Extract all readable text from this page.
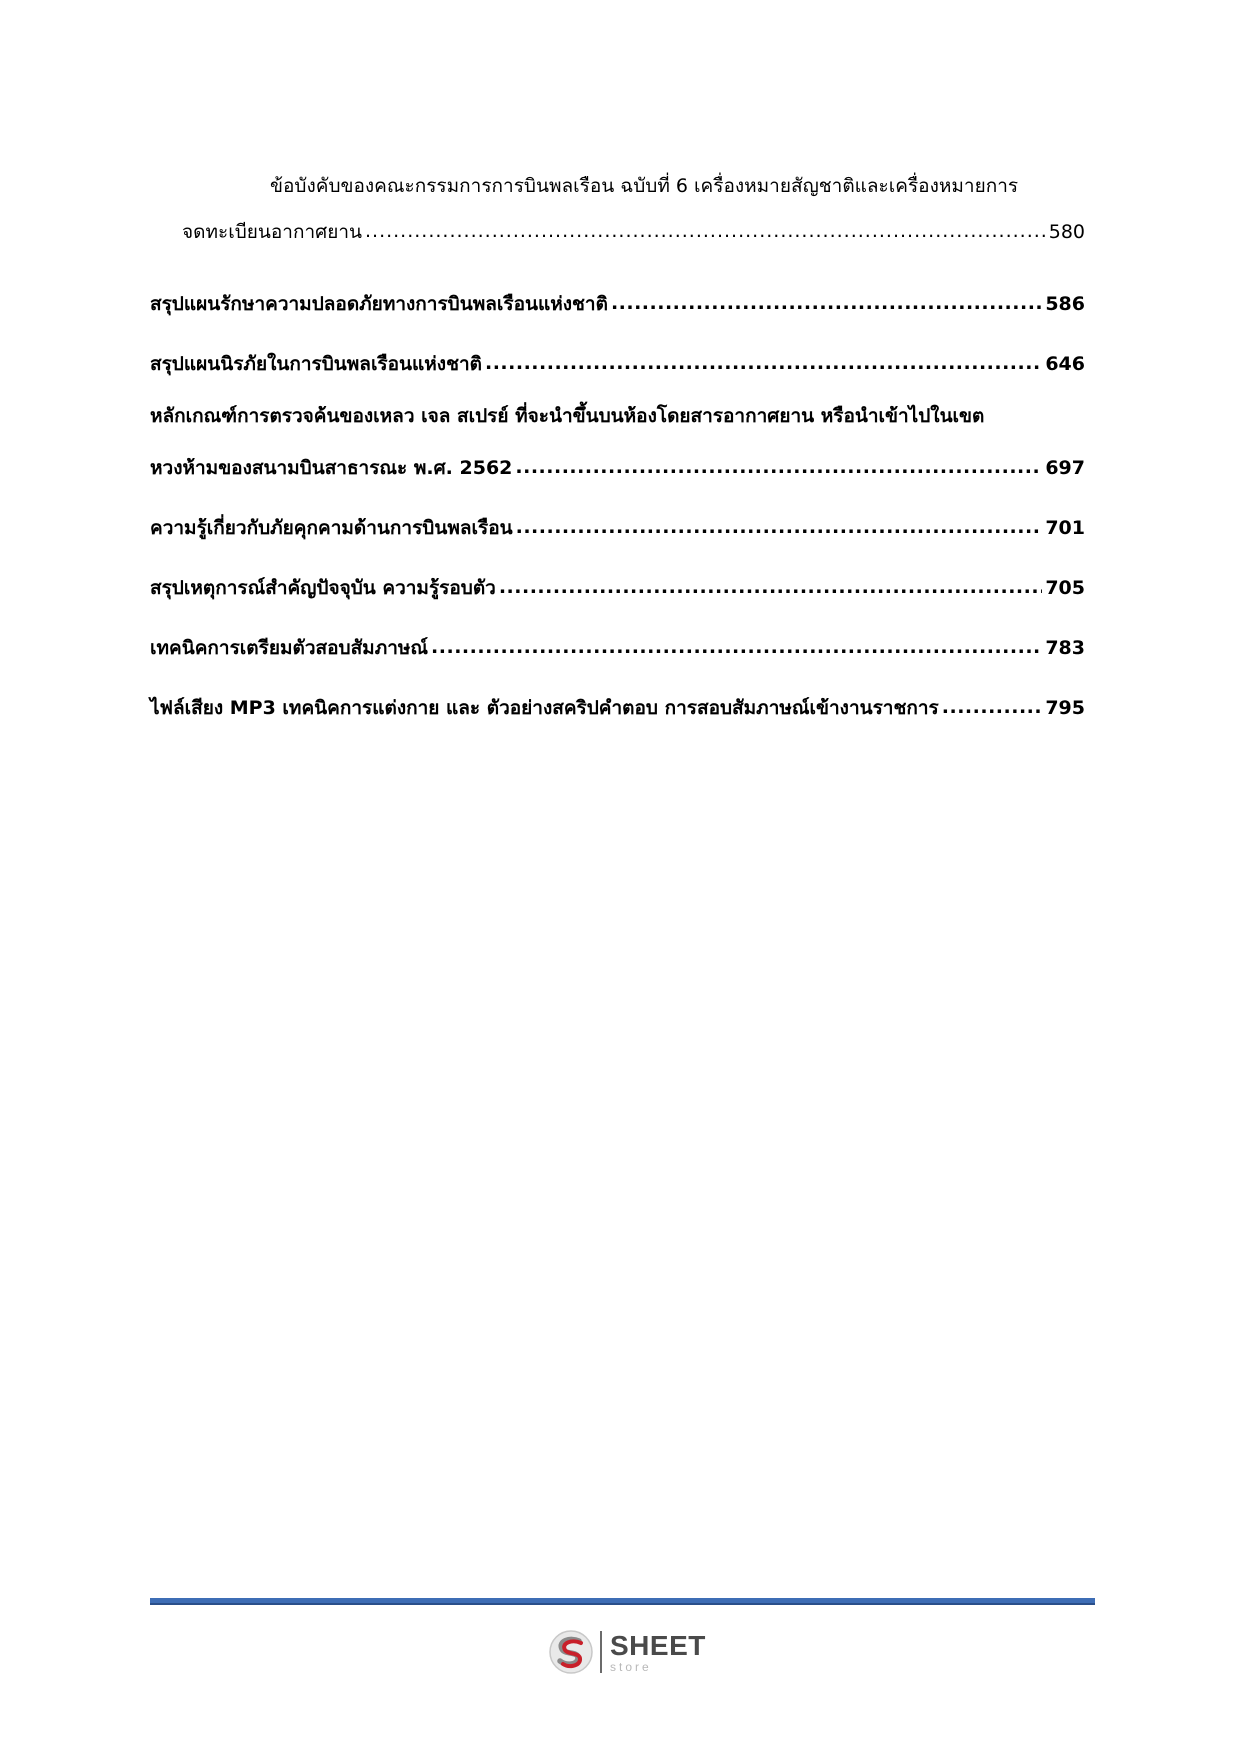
ข้อบังคับของคณะกรรมการการบินพลเรือน ฉบับที่ 6 เครื่องหมายสัญชาติและเครื่องหมายการ
จดทะเบียนอากาศยาน .....	580
สรุปแผนรักษาความปลอดภัยทางการบินพลเรือนแห่งชาติ .....	586
สรุปแผนนิรภัยในการบินพลเรือนแห่งชาติ .....	646
หลักเกณฑ์การตรวจค้นของเหลว เจล สเปรย์ ที่จะนำขึ้นบนห้องโดยสารอากาศยาน หรือนำเข้าไปในเขต
หวงห้ามของสนามบินสาธารณะ พ.ศ. 2562 .....	697
ความรู้เกี่ยวกับภัยคุกคามด้านการบินพลเรือน .....	701
สรุปเหตุการณ์สำคัญปัจจุบัน ความรู้รอบตัว .....	705
เทคนิคการเตรียมตัวสอบสัมภาษณ์ .....	783
ไฟล์เสียง MP3 เทคนิคการแต่งกาย และ ตัวอย่างสคริปคำตอบ การสอบสัมภาษณ์เข้างานราชการ .....	795
SHEET
store
